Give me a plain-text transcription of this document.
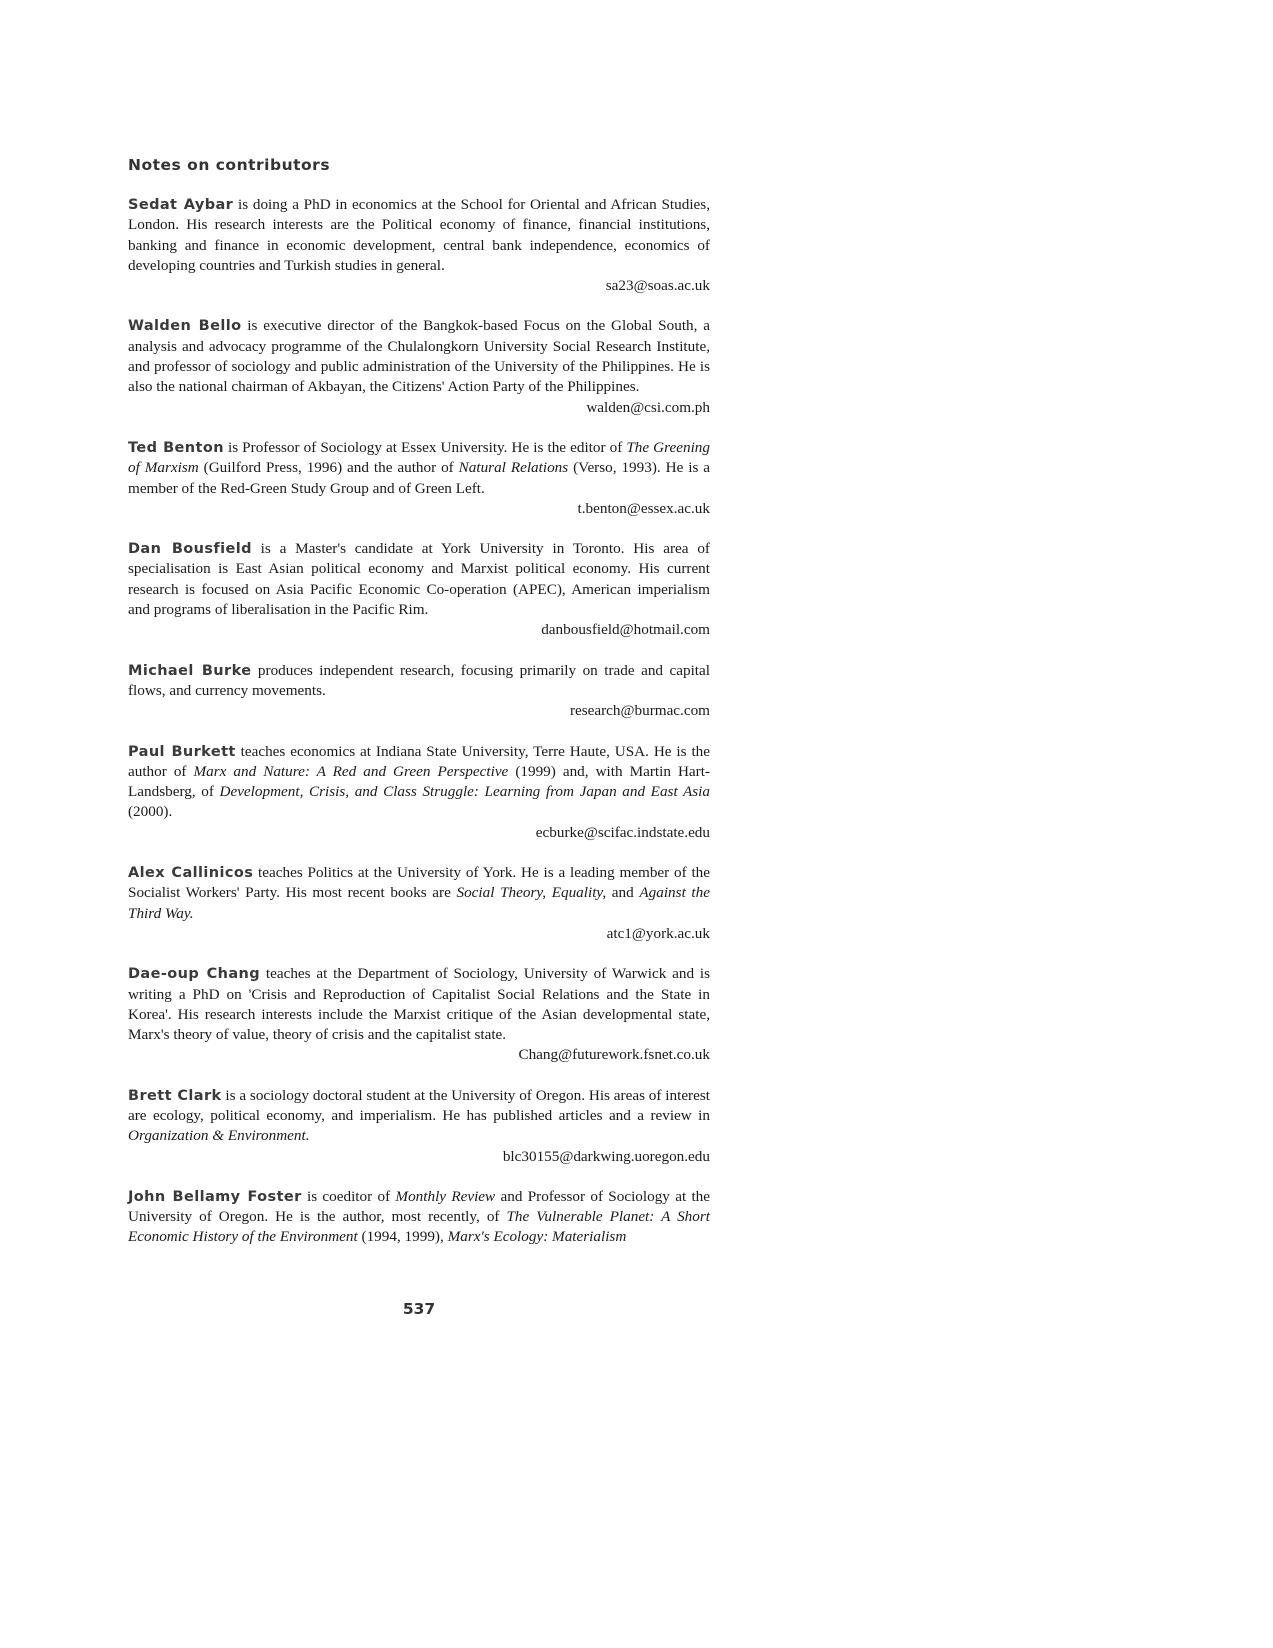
Notes on contributors

Sedat Aybar is doing a PhD in economics at the School for Oriental and African Studies, London. His research interests are the Political economy of finance, financial institutions, banking and finance in economic development, central bank independence, economics of developing countries and Turkish studies in general.

sa23@soas.ac.uk

Walden Bello is executive director of the Bangkok-based Focus on the Global South, a analysis and advocacy programme of the Chulalongkorn University Social Research Institute, and professor of sociology and public administration of the University of the Philippines. He is also the national chairman of Akbayan, the Citizens' Action Party of the Philippines.

walden@csi.com.ph

Ted Benton is Professor of Sociology at Essex University. He is the editor of The Greening of Marxism (Guilford Press, 1996) and the author of Natural Relations (Verso, 1993). He is a member of the Red-Green Study Group and of Green Left.

t.benton@essex.ac.uk

Dan Bousfield is a Master's candidate at York University in Toronto. His area of specialisation is East Asian political economy and Marxist political economy. His current research is focused on Asia Pacific Economic Co-operation (APEC), American imperialism and programs of liberalisation in the Pacific Rim.

danbousfield@hotmail.com

Michael Burke produces independent research, focusing primarily on trade and capital flows, and currency movements.

research@burmac.com

Paul Burkett teaches economics at Indiana State University, Terre Haute, USA. He is the author of Marx and Nature: A Red and Green Perspective (1999) and, with Martin Hart-Landsberg, of Development, Crisis, and Class Struggle: Learning from Japan and East Asia (2000).

ecburke@scifac.indstate.edu

Alex Callinicos teaches Politics at the University of York. He is a leading member of the Socialist Workers' Party. His most recent books are Social Theory, Equality, and Against the Third Way.

atc1@york.ac.uk

Dae-oup Chang teaches at the Department of Sociology, University of Warwick and is writing a PhD on 'Crisis and Reproduction of Capitalist Social Relations and the State in Korea'. His research interests include the Marxist critique of the Asian developmental state, Marx's theory of value, theory of crisis and the capitalist state.

Chang@futurework.fsnet.co.uk

Brett Clark is a sociology doctoral student at the University of Oregon. His areas of interest are ecology, political economy, and imperialism. He has published articles and a review in Organization & Environment.

blc30155@darkwing.uoregon.edu

John Bellamy Foster is coeditor of Monthly Review and Professor of Sociology at the University of Oregon. He is the author, most recently, of The Vulnerable Planet: A Short Economic History of the Environment (1994, 1999), Marx's Ecology: Materialism

537
